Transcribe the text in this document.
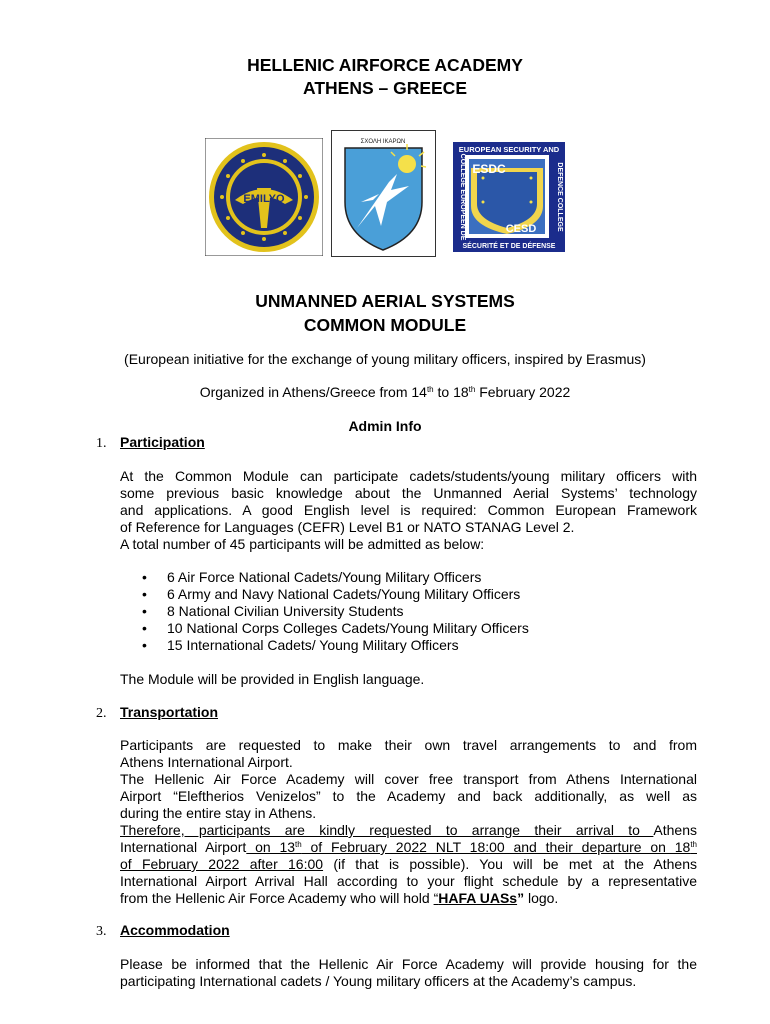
HELLENIC AIRFORCE ACADEMY
ATHENS – GREECE
EMILYO
ΣΧΟΛΗ ΙΚΑΡΩΝ
EUROPEAN SECURITY AND
SÉCURITÉ ET DE DÉFENSE
DEFENCE COLLEGE
COLLÈGE EUROPÉEN DE ESDC
CESD
UNMANNED AERIAL SYSTEMS
COMMON MODULE
(European initiative for the exchange of young military officers, inspired by Erasmus)
Organized in Athens/Greece from 14th to 18th February 2022
Admin Info
1. Participation
At the Common Module can participate cadets/students/young military officers with
some previous basic knowledge about the Unmanned Aerial Systems’ technology
and applications. A good English level is required: Common European Framework
of Reference for Languages (CEFR) Level B1 or NATO STANAG Level 2.
A total number of 45 participants will be admitted as below:
• 6 Air Force National Cadets/Young Military Officers
• 6 Army and Navy National Cadets/Young Military Officers
• 8 National Civilian University Students
• 10 National Corps Colleges Cadets/Young Military Officers
• 15 International Cadets/ Young Military Officers
The Module will be provided in English language.
2. Transportation
Participants are requested to make their own travel arrangements to and from
Athens International Airport.
The Hellenic Air Force Academy will cover free transport from Athens International
Airport “Eleftherios Venizelos” to the Academy and back additionally, as well as
during the entire stay in Athens.
Therefore, participants are kindly requested to arrange their arrival to Athens
International Airport on 13th of February 2022 NLT 18:00 and their departure on 18th
of February 2022 after 16:00 (if that is possible). You will be met at the Athens
International Airport Arrival Hall according to your flight schedule by a representative
from the Hellenic Air Force Academy who will hold “HAFA UASs” logo.
3. Accommodation
Please be informed that the Hellenic Air Force Academy will provide housing for the
participating International cadets / Young military officers at the Academy’s campus.
